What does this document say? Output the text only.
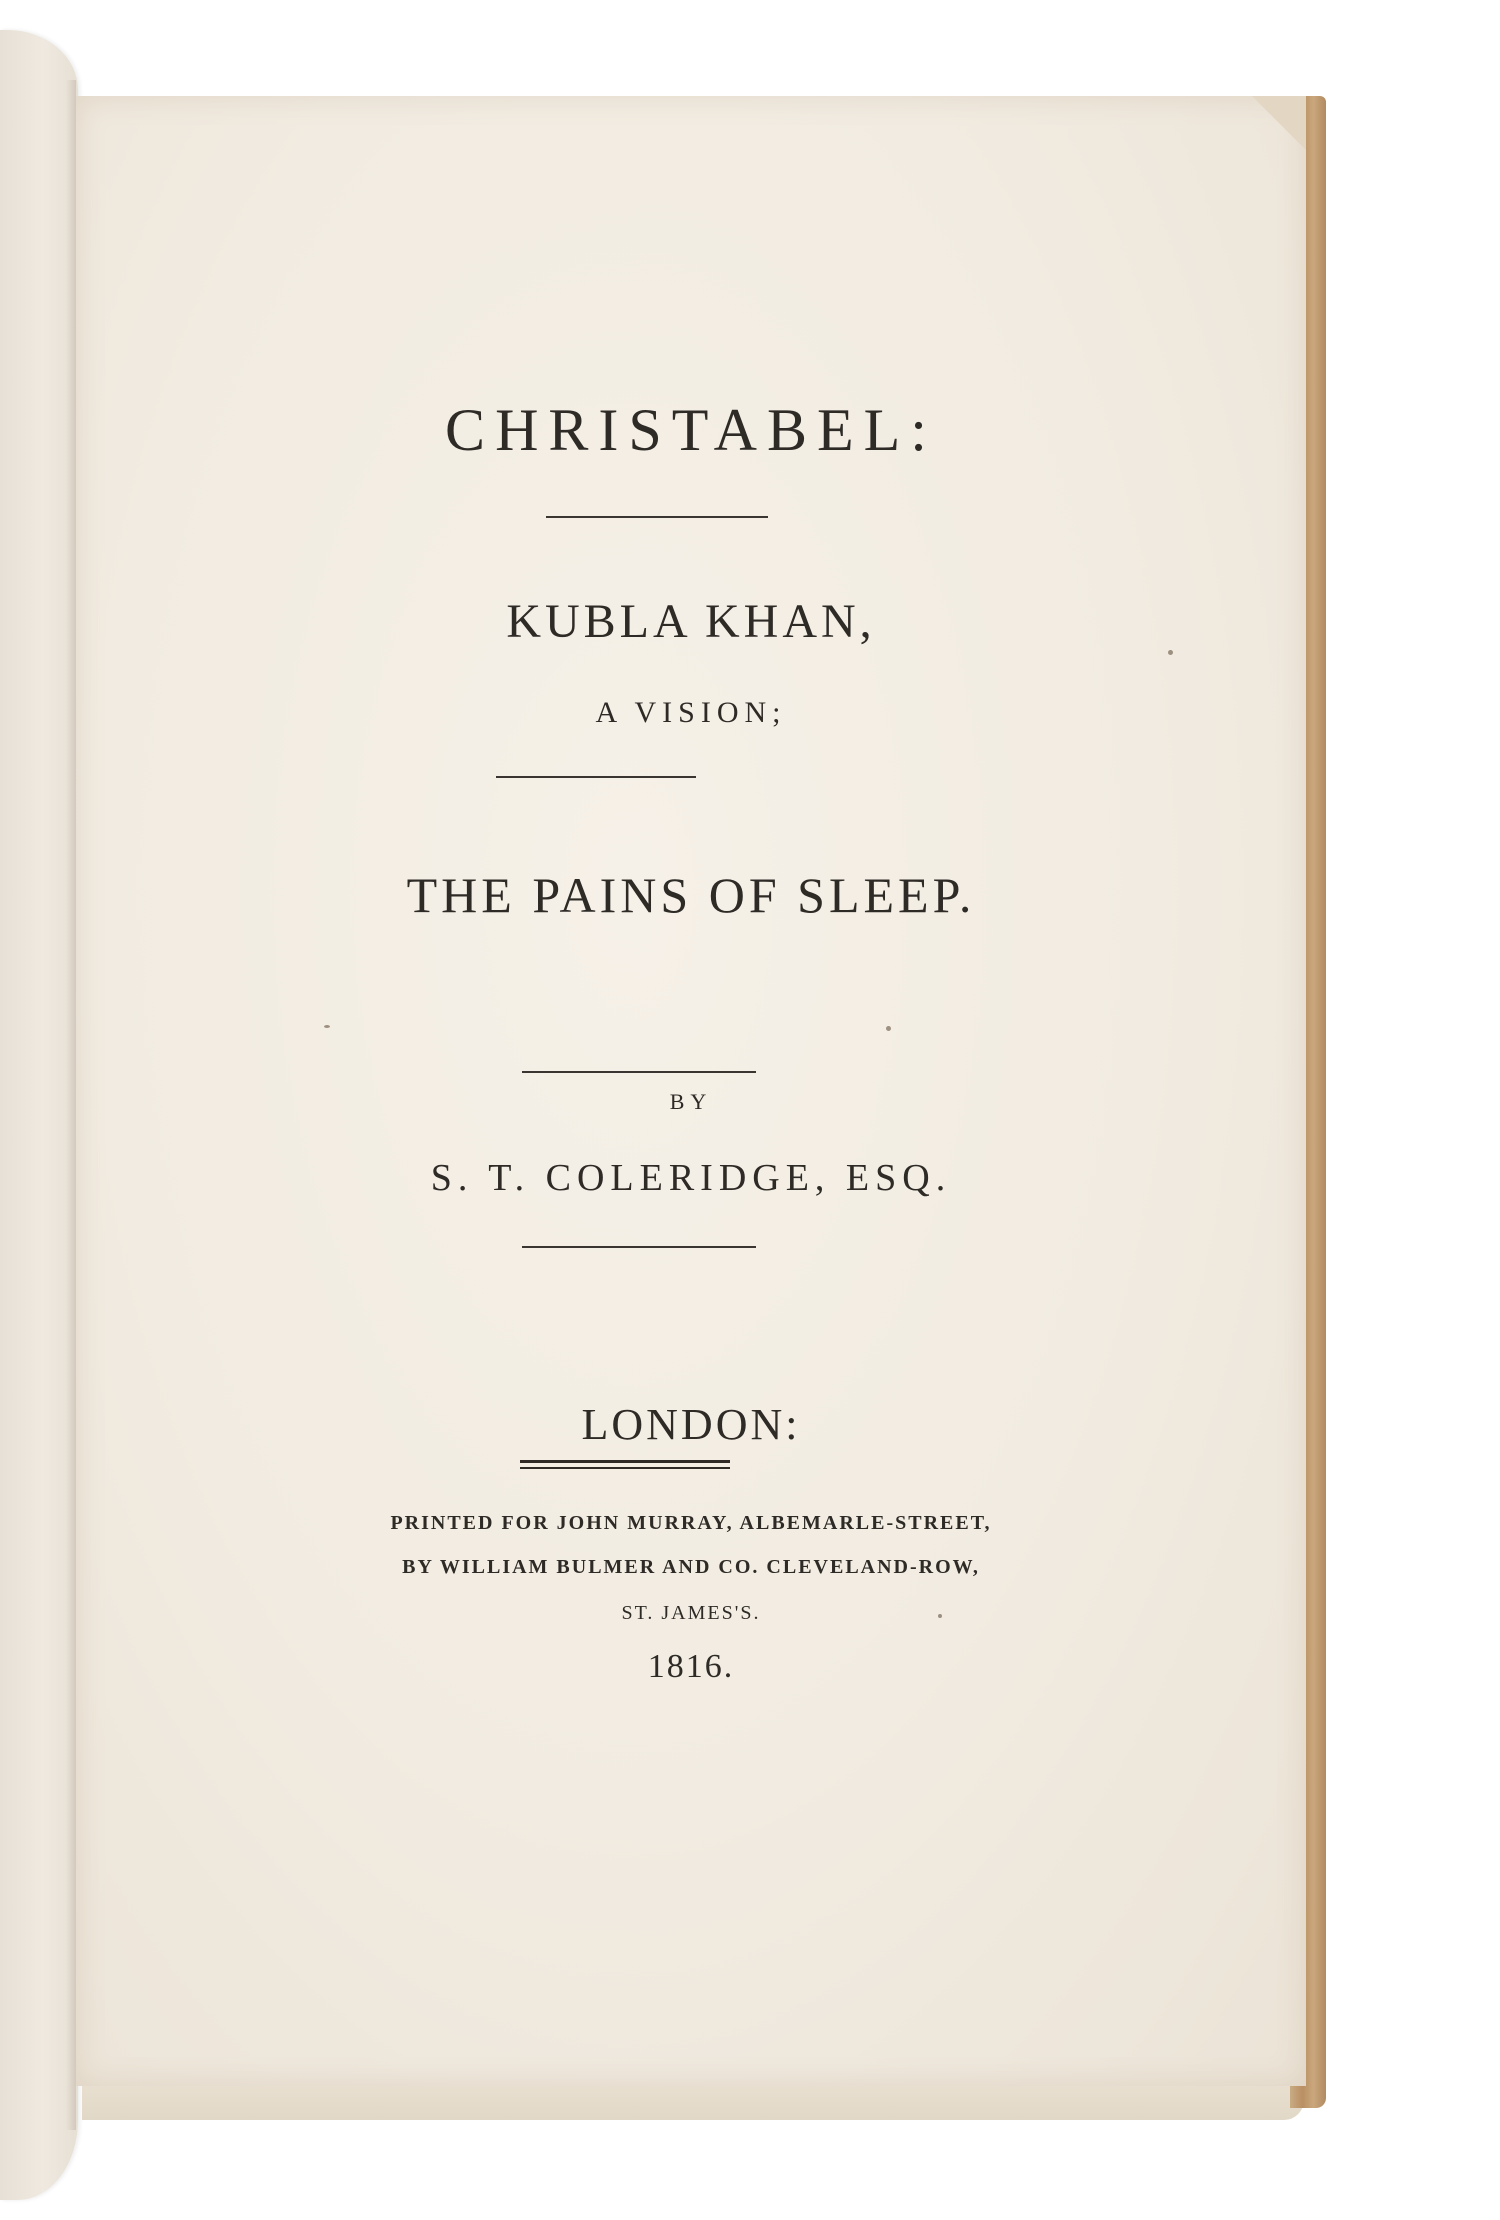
CHRISTABEL:
KUBLA KHAN,
A VISION;
THE PAINS OF SLEEP.
BY
S. T. COLERIDGE, ESQ.
LONDON:
PRINTED FOR JOHN MURRAY, ALBEMARLE-STREET,
BY WILLIAM BULMER AND CO. CLEVELAND-ROW,
ST. JAMES'S.
1816.
